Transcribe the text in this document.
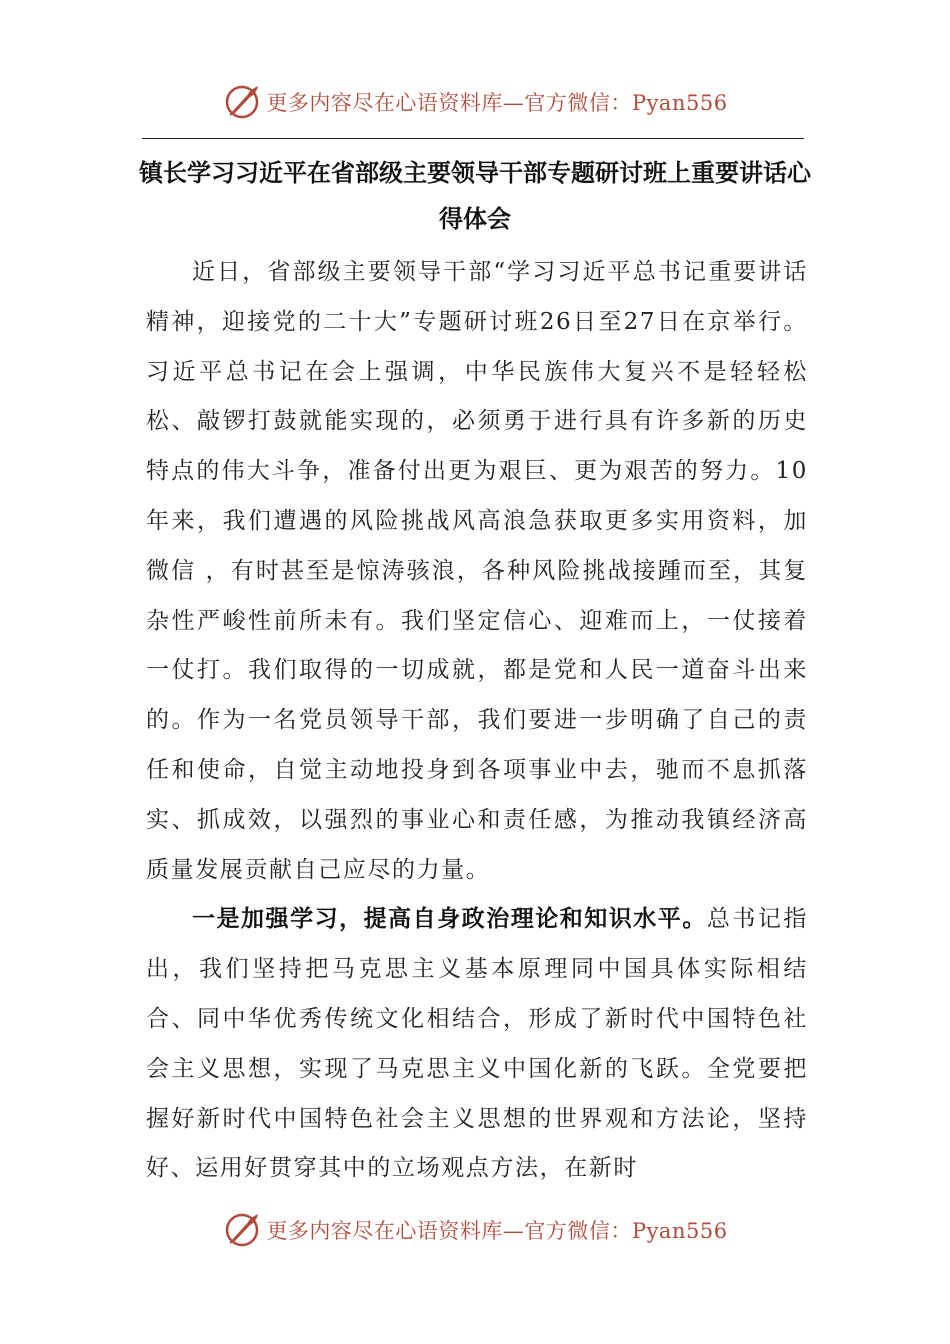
更多内容尽在心语资料库—官方微信：Pyan556
镇长学习习近平在省部级主要领导干部专题研讨班上重要讲话心得体会

近日，省部级主要领导干部“学习习近平总书记重要讲话精神，迎接党的二十大”专题研讨班26日至27日在京举行。习近平总书记在会上强调，中华民族伟大复兴不是轻轻松松、敲锣打鼓就能实现的，必须勇于进行具有许多新的历史特点的伟大斗争，准备付出更为艰巨、更为艰苦的努力。10年来，我们遭遇的风险挑战风高浪急获取更多实用资料，加微信 ，有时甚至是惊涛骇浪，各种风险挑战接踵而至，其复杂性严峻性前所未有。我们坚定信心、迎难而上，一仗接着一仗打。我们取得的一切成就，都是党和人民一道奋斗出来的。作为一名党员领导干部，我们要进一步明确了自己的责任和使命，自觉主动地投身到各项事业中去，驰而不息抓落实、抓成效，以强烈的事业心和责任感，为推动我镇经济高质量发展贡献自己应尽的力量。

一是加强学习，提高自身政治理论和知识水平。总书记指出，我们坚持把马克思主义基本原理同中国具体实际相结合、同中华优秀传统文化相结合，形成了新时代中国特色社会主义思想，实现了马克思主义中国化新的飞跃。全党要把握好新时代中国特色社会主义思想的世界观和方法论，坚持好、运用好贯穿其中的立场观点方法，在新时

更多内容尽在心语资料库—官方微信：Pyan556
